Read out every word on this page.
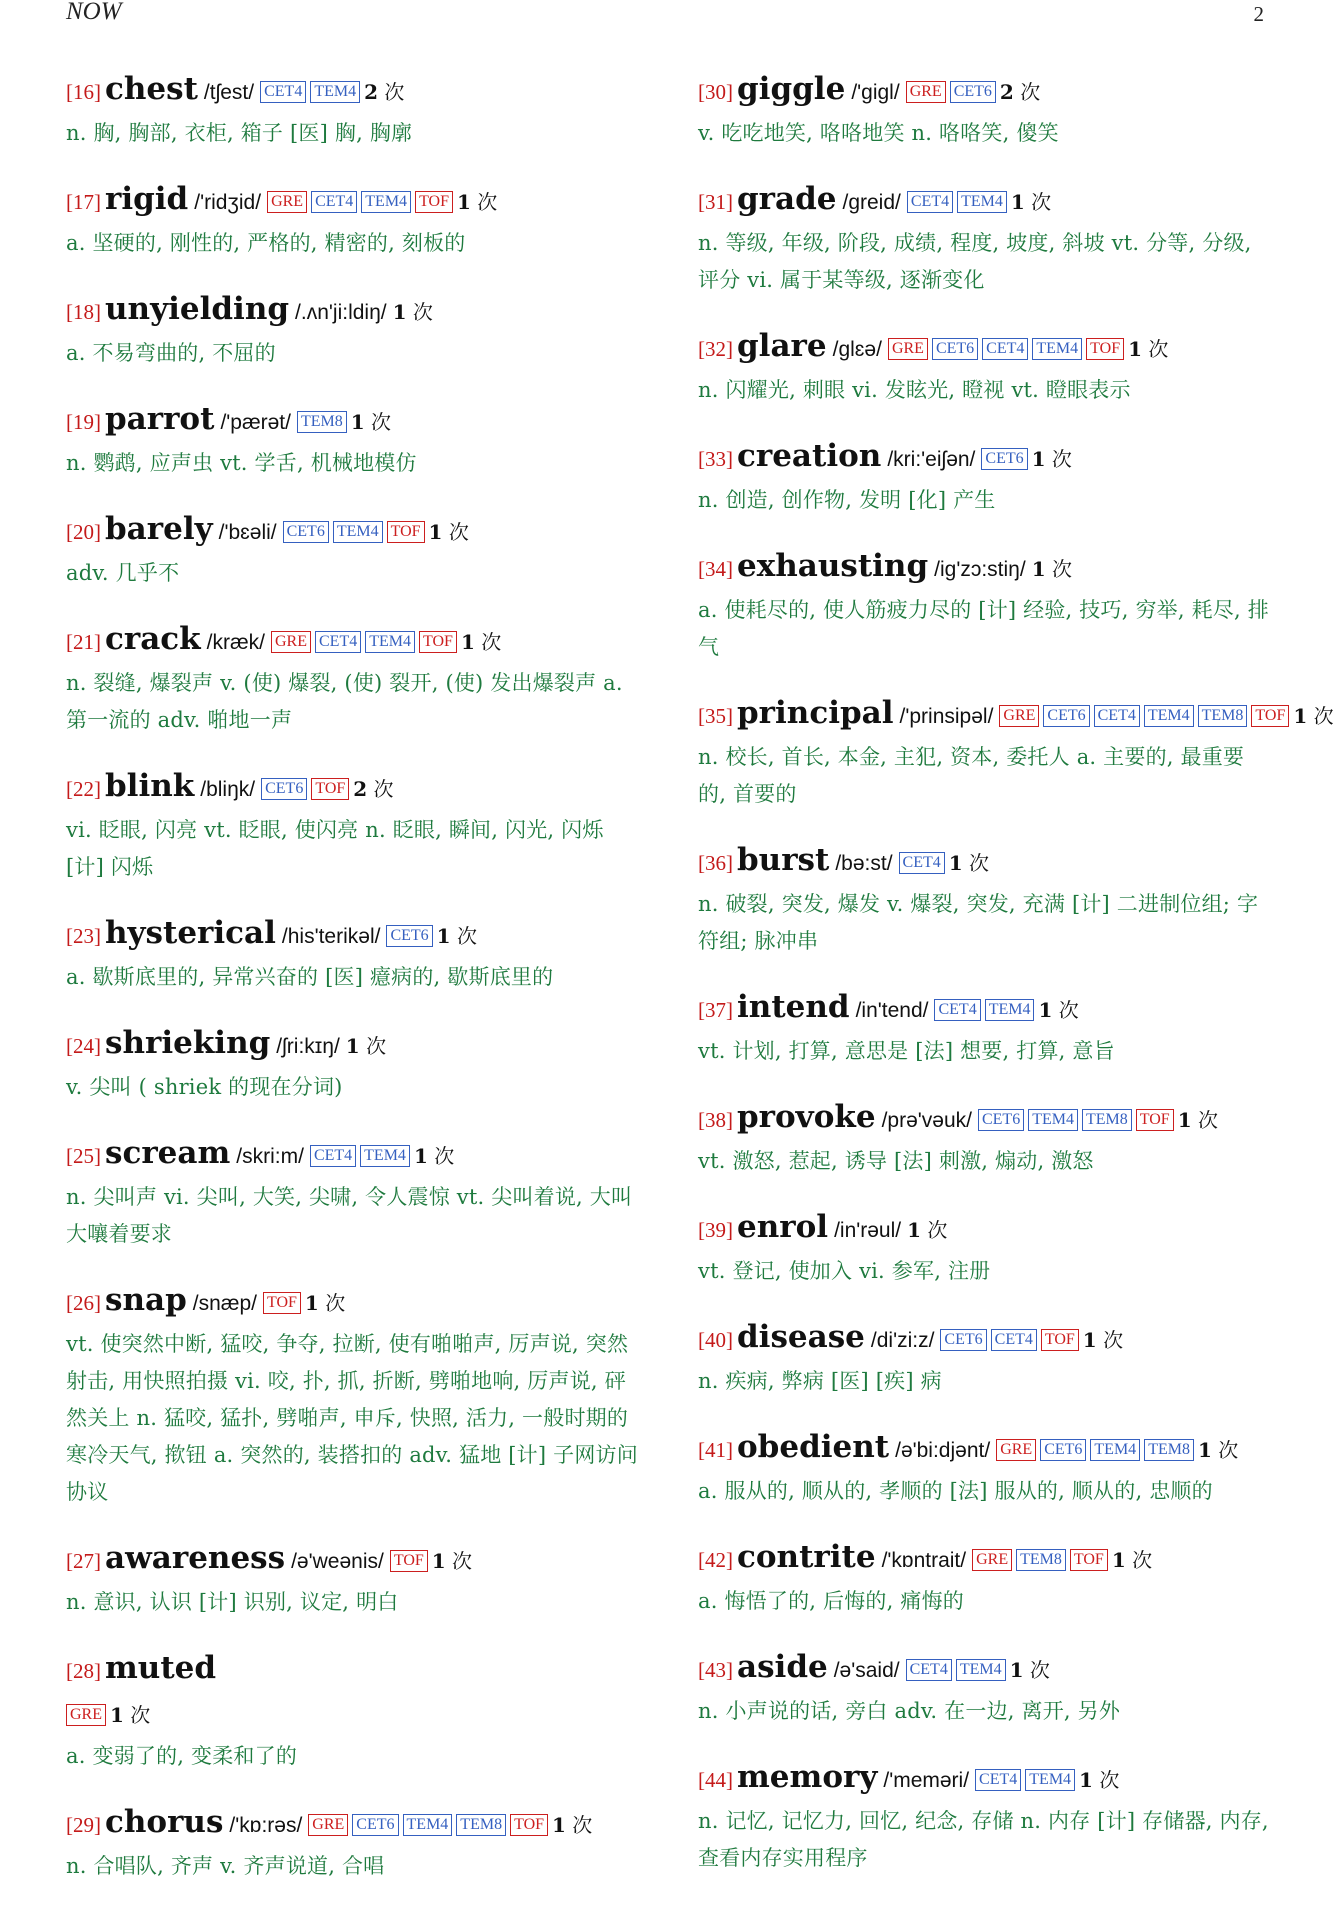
NOW	2
[16] chest /tʃest/ CET4 TEM4 2 次
n. 胸, 胸部, 衣柜, 箱子 [医] 胸, 胸廓
[17] rigid /'ridʒid/ GRE CET4 TEM4 TOF 1 次
a. 坚硬的, 刚性的, 严格的, 精密的, 刻板的
[18] unyielding /.ʌn'ji:ldiŋ/ 1 次
a. 不易弯曲的, 不屈的
[19] parrot /'pærət/ TEM8 1 次
n. 鹦鹉, 应声虫 vt. 学舌, 机械地模仿
[20] barely /'bɛəli/ CET6 TEM4 TOF 1 次
adv. 几乎不
[21] crack /kræk/ GRE CET4 TEM4 TOF 1 次
n. 裂缝, 爆裂声 v. (使) 爆裂, (使) 裂开, (使) 发出爆裂声 a. 第一流的 adv. 啪地一声
[22] blink /bliŋk/ CET6 TOF 2 次
vi. 眨眼, 闪亮 vt. 眨眼, 使闪亮 n. 眨眼, 瞬间, 闪光, 闪烁 [计] 闪烁
[23] hysterical /his'terikəl/ CET6 1 次
a. 歇斯底里的, 异常兴奋的 [医] 癔病的, 歇斯底里的
[24] shrieking /ʃri:kɪŋ/ 1 次
v. 尖叫 ( shriek 的现在分词)
[25] scream /skri:m/ CET4 TEM4 1 次
n. 尖叫声 vi. 尖叫, 大笑, 尖啸, 令人震惊 vt. 尖叫着说, 大叫大嚷着要求
[26] snap /snæp/ TOF 1 次
vt. 使突然中断, 猛咬, 争夺, 拉断, 使有啪啪声, 厉声说, 突然射击, 用快照拍摄 vi. 咬, 扑, 抓, 折断, 劈啪地响, 厉声说, 砰然关上 n. 猛咬, 猛扑, 劈啪声, 申斥, 快照, 活力, 一般时期的寒冷天气, 揿钮 a. 突然的, 装搭扣的 adv. 猛地 [计] 子网访问协议
[27] awareness /ə'weənis/ TOF 1 次
n. 意识, 认识 [计] 识别, 议定, 明白
[28] muted
GRE 1 次
a. 变弱了的, 变柔和了的
[29] chorus /'kɒ:rəs/ GRE CET6 TEM4 TEM8 TOF 1 次
n. 合唱队, 齐声 v. 齐声说道, 合唱
[30] giggle /'gigl/ GRE CET6 2 次
v. 吃吃地笑, 咯咯地笑 n. 咯咯笑, 傻笑
[31] grade /greid/ CET4 TEM4 1 次
n. 等级, 年级, 阶段, 成绩, 程度, 坡度, 斜坡 vt. 分等, 分级, 评分 vi. 属于某等级, 逐渐变化
[32] glare /glɛə/ GRE CET6 CET4 TEM4 TOF 1 次
n. 闪耀光, 刺眼 vi. 发眩光, 瞪视 vt. 瞪眼表示
[33] creation /kri:'eiʃən/ CET6 1 次
n. 创造, 创作物, 发明 [化] 产生
[34] exhausting /ig'zɔ:stiŋ/ 1 次
a. 使耗尽的, 使人筋疲力尽的 [计] 经验, 技巧, 穷举, 耗尽, 排气
[35] principal /'prinsipəl/ GRE CET6 CET4 TEM4 TEM8 TOF 1 次
n. 校长, 首长, 本金, 主犯, 资本, 委托人 a. 主要的, 最重要的, 首要的
[36] burst /bə:st/ CET4 1 次
n. 破裂, 突发, 爆发 v. 爆裂, 突发, 充满 [计] 二进制位组; 字符组; 脉冲串
[37] intend /in'tend/ CET4 TEM4 1 次
vt. 计划, 打算, 意思是 [法] 想要, 打算, 意旨
[38] provoke /prə'vəuk/ CET6 TEM4 TEM8 TOF 1 次
vt. 激怒, 惹起, 诱导 [法] 刺激, 煽动, 激怒
[39] enrol /in'rəul/ 1 次
vt. 登记, 使加入 vi. 参军, 注册
[40] disease /di'zi:z/ CET6 CET4 TOF 1 次
n. 疾病, 弊病 [医] [疾] 病
[41] obedient /ə'bi:djənt/ GRE CET6 TEM4 TEM8 1 次
a. 服从的, 顺从的, 孝顺的 [法] 服从的, 顺从的, 忠顺的
[42] contrite /'kɒntrait/ GRE TEM8 TOF 1 次
a. 悔悟了的, 后悔的, 痛悔的
[43] aside /ə'said/ CET4 TEM4 1 次
n. 小声说的话, 旁白 adv. 在一边, 离开, 另外
[44] memory /'meməri/ CET4 TEM4 1 次
n. 记忆, 记忆力, 回忆, 纪念, 存储 n. 内存 [计] 存储器, 内存, 查看内存实用程序
